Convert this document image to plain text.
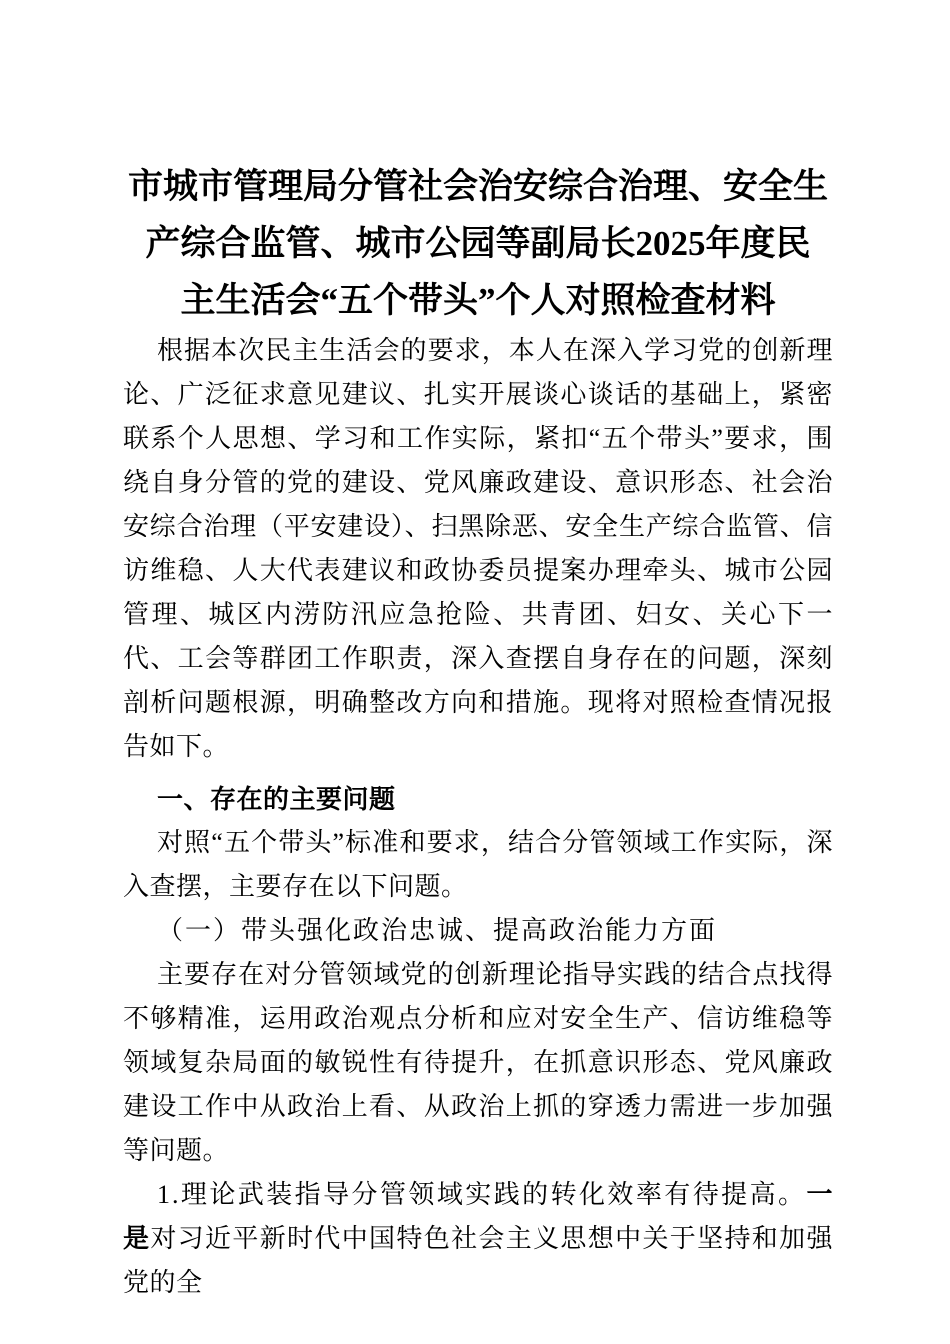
市城市管理局分管社会治安综合治理、安全生
产综合监管、城市公园等副局长2025年度民
主生活会“五个带头”个人对照检查材料

根据本次民主生活会的要求，本人在深入学习党的创新理论、广泛征求意见建议、扎实开展谈心谈话的基础上，紧密联系个人思想、学习和工作实际，紧扣“五个带头”要求，围绕自身分管的党的建设、党风廉政建设、意识形态、社会治安综合治理（平安建设）、扫黑除恶、安全生产综合监管、信访维稳、人大代表建议和政协委员提案办理牵头、城市公园管理、城区内涝防汛应急抢险、共青团、妇女、关心下一代、工会等群团工作职责，深入查摆自身存在的问题，深刻剖析问题根源，明确整改方向和措施。现将对照检查情况报告如下。

一、存在的主要问题

对照“五个带头”标准和要求，结合分管领域工作实际，深入查摆，主要存在以下问题。

（一）带头强化政治忠诚、提高政治能力方面

主要存在对分管领域党的创新理论指导实践的结合点找得不够精准，运用政治观点分析和应对安全生产、信访维稳等领域复杂局面的敏锐性有待提升，在抓意识形态、党风廉政建设工作中从政治上看、从政治上抓的穿透力需进一步加强等问题。

1.理论武装指导分管领域实践的转化效率有待提高。一是对习近平新时代中国特色社会主义思想中关于坚持和加强党的全
